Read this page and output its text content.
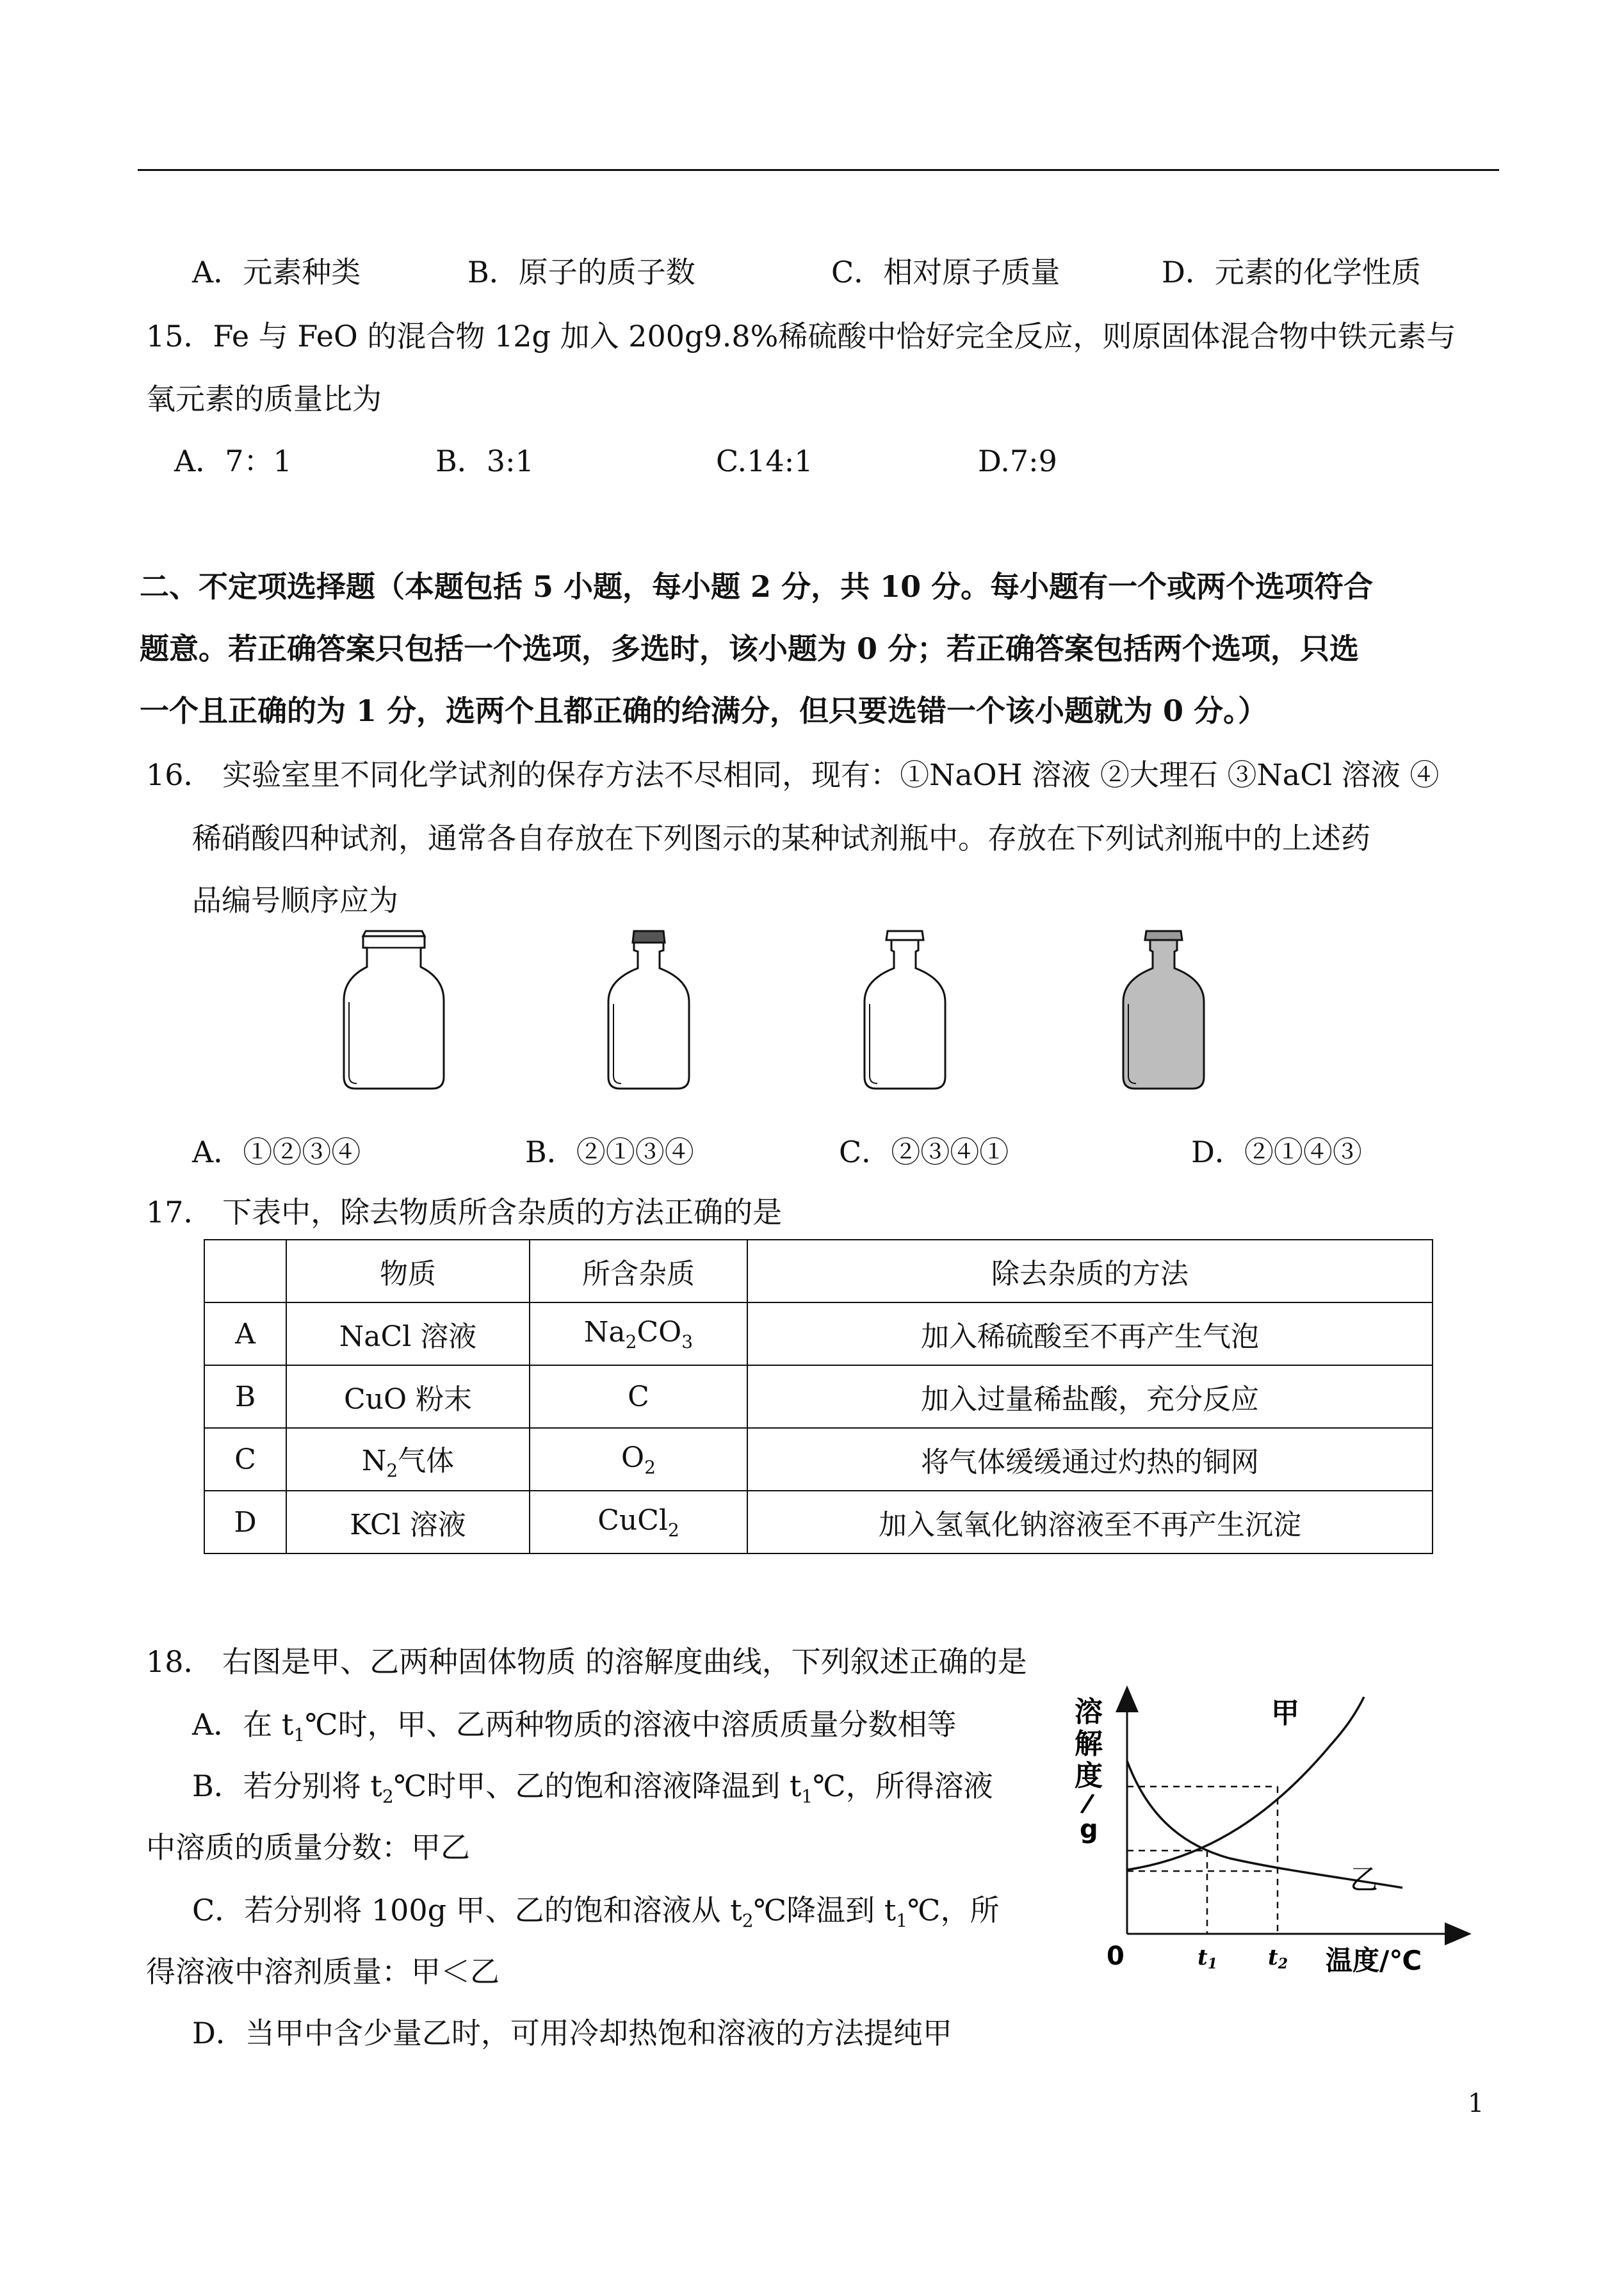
A．元素种类	B．原子的质子数	C．相对原子质量	D．元素的化学性质
15．Fe 与 FeO 的混合物 12g 加入 200g9.8%稀硫酸中恰好完全反应，则原固体混合物中铁元素与
氧元素的质量比为
A．7：1	B．3:1	C.14:1	D.7:9
二、不定项选择题（本题包括 5 小题，每小题 2 分，共 10 分。每小题有一个或两个选项符合
题意。若正确答案只包括一个选项，多选时，该小题为 0 分；若正确答案包括两个选项，只选
一个且正确的为 1 分，选两个且都正确的给满分，但只要选错一个该小题就为 0 分。）
16． 实验室里不同化学试剂的保存方法不尽相同，现有：①NaOH 溶液 ②大理石 ③NaCl 溶液 ④
稀硝酸四种试剂，通常各自存放在下列图示的某种试剂瓶中。存放在下列试剂瓶中的上述药
品编号顺序应为
A．①②③④	B．②①③④	C．②③④①	D．②①④③
17． 下表中，除去物质所含杂质的方法正确的是
	物质	所含杂质	除去杂质的方法
A	NaCl 溶液	$Na_2CO_3$	加入稀硫酸至不再产生气泡
B	CuO 粉末	C	加入过量稀盐酸，充分反应
C	$N_2$气体	$O_2$	将气体缓缓通过灼热的铜网
D	KCl 溶液	CuCl$_2$	加入氢氧化钠溶液至不再产生沉淀
18． 右图是甲、乙两种固体物质 的溶解度曲线，下列叙述正确的是
A．在 $t_1℃$时，甲、乙两种物质的溶液中溶质质量分数相等
B．若分别将 $t_2℃$时甲、乙的饱和溶液降温到 $t_1℃$，所得溶液
中溶质的质量分数：甲乙
C．若分别将 100g 甲、乙的饱和溶液从 $t_2℃$降温到 $t_1℃$，所
得溶液中溶剂质量：甲＜乙
D．当甲中含少量乙时，可用冷却热饱和溶液的方法提纯甲
溶
解
度
/
g
0	t1 t2 温度/℃
甲
乙
1
